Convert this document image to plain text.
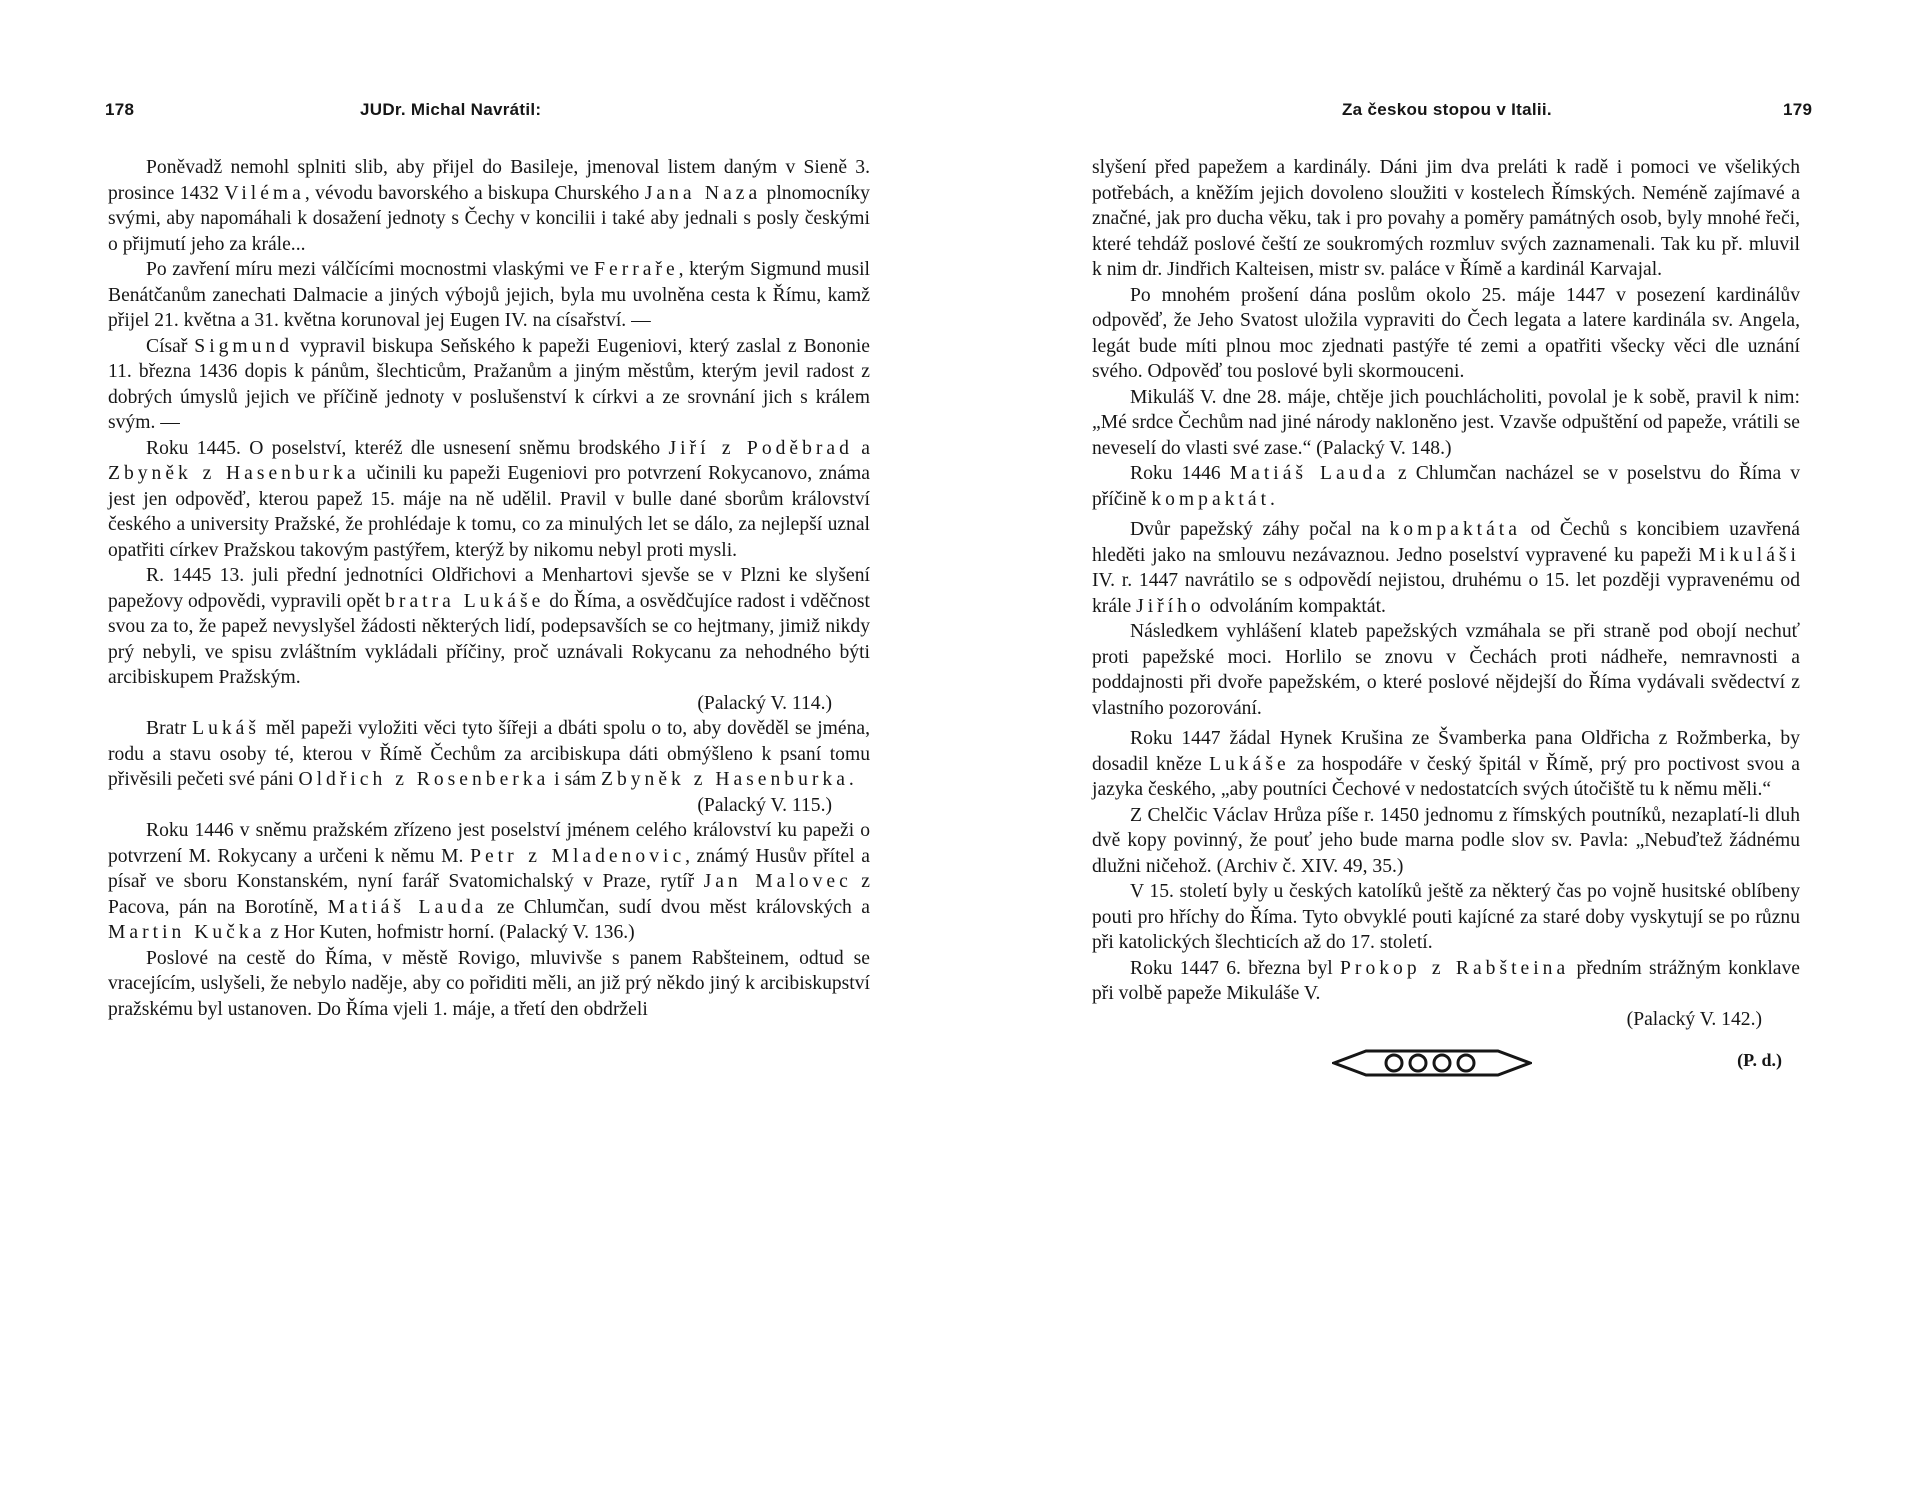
178	JUDr. Michal Navrátil:

Poněvadž nemohl splniti slib, aby přijel do Basileje, jmenoval listem daným v Sieně 3. prosince 1432 Viléma, vévodu bavorského a biskupa Churského Jana Naza plnomocníky svými, aby napomáhali k dosažení jednoty s Čechy v koncilii i také aby jednali s posly českými o přijmutí jeho za krále...

Po zavření míru mezi válčícími mocnostmi vlaskými ve Ferraře, kterým Sigmund musil Benátčanům zanechati Dalmacie a jiných výbojů jejich, byla mu uvolněna cesta k Římu, kamž přijel 21. května a 31. května korunoval jej Eugen IV. na císařství. —

Císař Sigmund vypravil biskupa Seňského k papeži Eugeniovi, který zaslal z Bononie 11. března 1436 dopis k pánům, šlechticům, Pražanům a jiným městům, kterým jevil radost z dobrých úmyslů jejich ve příčině jednoty v poslušenství k církvi a ze srovnání jich s králem svým. —

Roku 1445. O poselství, kteréž dle usnesení sněmu brodského Jiří z Poděbrad a Zbyněk z Hasenburka učinili ku papeži Eugeniovi pro potvrzení Rokycanovo, známa jest jen odpověď, kterou papež 15. máje na ně udělil. Pravil v bulle dané sborům království českého a university Pražské, že prohlédaje k tomu, co za minulých let se dálo, za nejlepší uznal opatřiti církev Pražskou takovým pastýřem, kterýž by nikomu nebyl proti mysli.

R. 1445 13. juli přední jednotníci Oldřichovi a Menhartovi sjevše se v Plzni ke slyšení papežovy odpovědi, vypravili opět bratra Lukáše do Říma, a osvědčujíce radost i vděčnost svou za to, že papež nevyslyšel žádosti některých lidí, podepsavších se co hejtmany, jimiž nikdy prý nebyli, ve spisu zvláštním vykládali příčiny, proč uznávali Rokycanu za nehodného býti arcibiskupem Pražským.
(Palacký V. 114.)

Bratr Lukáš měl papeži vyložiti věci tyto šířeji a dbáti spolu o to, aby dověděl se jména, rodu a stavu osoby té, kterou v Římě Čechům za arcibiskupa dáti obmýšleno k psaní tomu přivěsili pečeti své páni Oldřich z Rosenberka i sám Zbyněk z Hasenburka.
(Palacký V. 115.)

Roku 1446 v sněmu pražském zřízeno jest poselství jménem celého království ku papeži o potvrzení M. Rokycany a určeni k němu M. Petr z Mladenovic, známý Husův přítel a písař ve sboru Konstanském, nyní farář Svatomichalský v Praze, rytíř Jan Malovec z Pacova, pán na Borotíně, Matiáš Lauda ze Chlumčan, sudí dvou měst královských a Martin Kučka z Hor Kuten, hofmistr horní. (Palacký V. 136.)

Poslové na cestě do Říma, v městě Rovigo, mluvivše s panem Rabšteinem, odtud se vracejícím, uslyšeli, že nebylo naděje, aby co pořiditi měli, an již prý někdo jiný k arcibiskupství pražskému byl ustanoven. Do Říma vjeli 1. máje, a třetí den obdrželi

Za českou stopou v Italii.	179

slyšení před papežem a kardinály. Dáni jim dva preláti k radě i pomoci ve všelikých potřebách, a kněžím jejich dovoleno sloužiti v kostelech Římských. Neméně zajímavé a značné, jak pro ducha věku, tak i pro povahy a poměry památných osob, byly mnohé řeči, které tehdáž poslové čeští ze soukromých rozmluv svých zaznamenali. Tak ku př. mluvil k nim dr. Jindřich Kalteisen, mistr sv. paláce v Římě a kardinál Karvajal.

Po mnohém prošení dána poslům okolo 25. máje 1447 v posezení kardinálův odpověď, že Jeho Svatost uložila vypraviti do Čech legata a latere kardinála sv. Angela, legát bude míti plnou moc zjednati pastýře té zemi a opatřiti všecky věci dle uznání svého. Odpověď tou poslové byli skormouceni.

Mikuláš V. dne 28. máje, chtěje jich pouchlácholiti, povolal je k sobě, pravil k nim: „Mé srdce Čechům nad jiné národy nakloněno jest. Vzavše odpuštění od papeže, vrátili se neveselí do vlasti své zase.“ (Palacký V. 148.)

Roku 1446 Matiáš Lauda z Chlumčan nacházel se v poselstvu do Říma v příčině kompaktát.

Dvůr papežský záhy počal na kompaktáta od Čechů s koncibiem uzavřená hleděti jako na smlouvu nezávaznou. Jedno poselství vypravené ku papeži Mikuláši IV. r. 1447 navrátilo se s odpovědí nejistou, druhému o 15. let později vypravenému od krále Jiřího odvoláním kompaktát.

Následkem vyhlášení klateb papežských vzmáhala se při straně pod obojí nechuť proti papežské moci. Horlilo se znovu v Čechách proti nádheře, nemravnosti a poddajnosti při dvoře papežském, o které poslové nějdejší do Říma vydávali svědectví z vlastního pozorování.

Roku 1447 žádal Hynek Krušina ze Švamberka pana Oldřicha z Rožmberka, by dosadil kněze Lukáše za hospodáře v český špitál v Římě, prý pro poctivost svou a jazyka českého, „aby poutníci Čechové v nedostatcích svých útočiště tu k němu měli.“

Z Chelčic Václav Hrůza píše r. 1450 jednomu z římských poutníků, nezaplatí-li dluh dvě kopy povinný, že pouť jeho bude marna podle slov sv. Pavla: „Nebuďtež žádnému dlužni ničehož. (Archiv č. XIV. 49, 35.)

V 15. století byly u českých katolíků ještě za některý čas po vojně husitské oblíbeny pouti pro hříchy do Říma. Tyto obvyklé pouti kajícné za staré doby vyskytují se po různu při katolických šlechticích až do 17. století.

Roku 1447 6. března byl Prokop z Rabšteina předním strážným konklave při volbě papeže Mikuláše V.
(Palacký V. 142.)

(P. d.)
